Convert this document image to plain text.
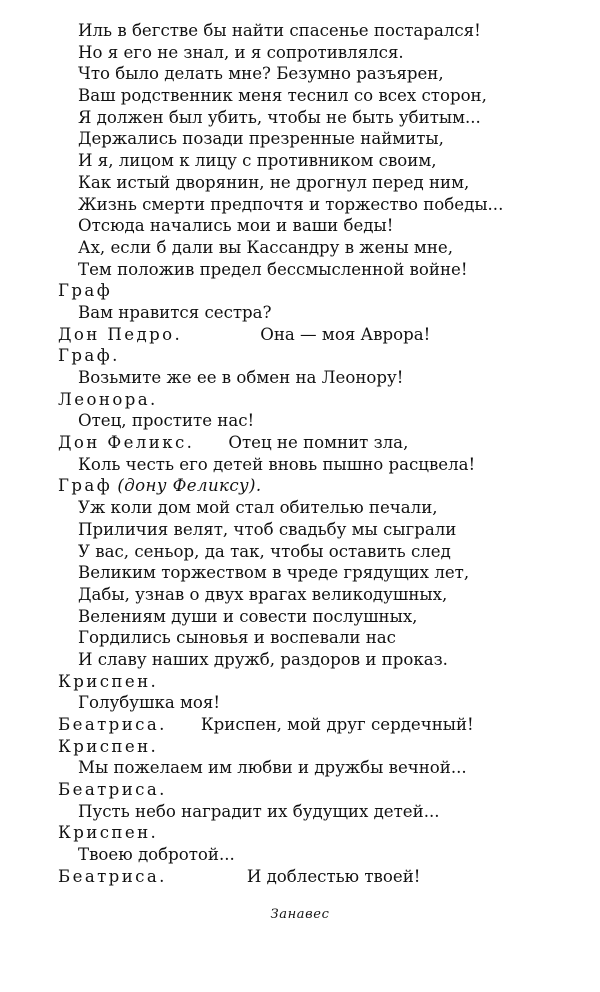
Иль в бегстве бы найти спасенье постарался!
Но я его не знал, и я сопротивлялся.
Что было делать мне? Безумно разъярен,
Ваш родственник меня теснил со всех сторон,
Я должен был убить, чтобы не быть убитым...
Держались позади презренные наймиты,
И я, лицом к лицу с противником своим,
Как истый дворянин, не дрогнул перед ним,
Жизнь смерти предпочтя и торжество победы...
Отсюда начались мои и ваши беды!
Ах, если б дали вы Кассандру в жены мне,
Тем положив предел бессмысленной войне!
Граф
Вам нравится сестра?
Дон Педро.	Она — моя Аврора!
Граф.
Возьмите же ее в обмен на Леонору!
Леонора.
Отец, простите нас!
Дон Феликс. Отец не помнит зла,
Коль честь его детей вновь пышно расцвела!
Граф (дону Феликсу).
Уж коли дом мой стал обителью печали,
Приличия велят, чтоб свадьбу мы сыграли
У вас, сеньор, да так, чтобы оставить след
Великим торжеством в чреде грядущих лет,
Дабы, узнав о двух врагах великодушных,
Велениям души и совести послушных,
Гордились сыновья и воспевали нас
И славу наших дружб, раздоров и проказ.
Криспен.
Голубушка моя!
Беатриса. Криспен, мой друг сердечный!
Криспен.
Мы пожелаем им любви и дружбы вечной...
Беатриса.
Пусть небо наградит их будущих детей...
Криспен.
Твоею добротой...
Беатриса.	И доблестью твоей!
Занавес
